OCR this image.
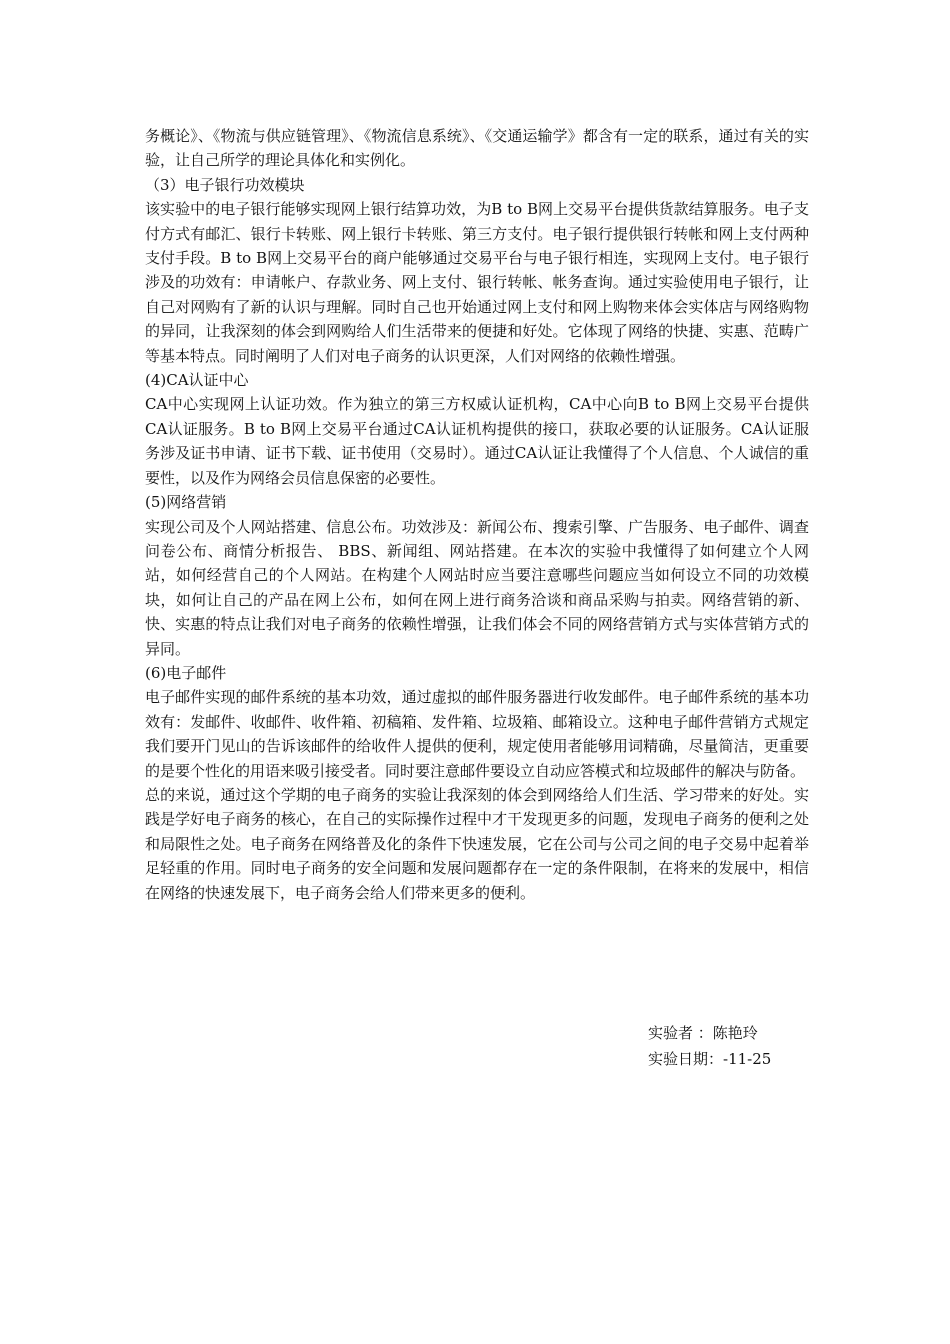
务概论》、《物流与供应链管理》、《物流信息系统》、《交通运输学》都含有一定的联系，通过有关的实验，让自己所学的理论具体化和实例化。

（3）电子银行功效模块

该实验中的电子银行能够实现网上银行结算功效，为B to B网上交易平台提供货款结算服务。电子支付方式有邮汇、银行卡转账、网上银行卡转账、第三方支付。电子银行提供银行转帐和网上支付两种支付手段。B to B网上交易平台的商户能够通过交易平台与电子银行相连，实现网上支付。电子银行涉及的功效有：申请帐户、存款业务、网上支付、银行转帐、帐务查询。通过实验使用电子银行，让自己对网购有了新的认识与理解。同时自己也开始通过网上支付和网上购物来体会实体店与网络购物的异同，让我深刻的体会到网购给人们生活带来的便捷和好处。它体现了网络的快捷、实惠、范畴广等基本特点。同时阐明了人们对电子商务的认识更深，人们对网络的依赖性增强。

(4)CA认证中心

CA中心实现网上认证功效。作为独立的第三方权威认证机构，CA中心向B to B网上交易平台提供CA认证服务。B to B网上交易平台通过CA认证机构提供的接口，获取必要的认证服务。CA认证服务涉及证书申请、证书下载、证书使用（交易时）。通过CA认证让我懂得了个人信息、个人诚信的重要性，以及作为网络会员信息保密的必要性。

(5)网络营销

实现公司及个人网站搭建、信息公布。功效涉及：新闻公布、搜索引擎、广告服务、电子邮件、调查问卷公布、商情分析报告、 BBS、新闻组、网站搭建。在本次的实验中我懂得了如何建立个人网站，如何经营自己的个人网站。在构建个人网站时应当要注意哪些问题应当如何设立不同的功效模块，如何让自己的产品在网上公布，如何在网上进行商务洽谈和商品采购与拍卖。网络营销的新、快、实惠的特点让我们对电子商务的依赖性增强，让我们体会不同的网络营销方式与实体营销方式的异同。

(6)电子邮件

电子邮件实现的邮件系统的基本功效，通过虚拟的邮件服务器进行收发邮件。电子邮件系统的基本功效有：发邮件、收邮件、收件箱、初稿箱、发件箱、垃圾箱、邮箱设立。这种电子邮件营销方式规定我们要开门见山的告诉该邮件的给收件人提供的便利，规定使用者能够用词精确，尽量简洁，更重要的是要个性化的用语来吸引接受者。同时要注意邮件要设立自动应答模式和垃圾邮件的解决与防备。

总的来说，通过这个学期的电子商务的实验让我深刻的体会到网络给人们生活、学习带来的好处。实践是学好电子商务的核心，在自己的实际操作过程中才干发现更多的问题，发现电子商务的便利之处和局限性之处。电子商务在网络普及化的条件下快速发展，它在公司与公司之间的电子交易中起着举足轻重的作用。同时电子商务的安全问题和发展问题都存在一定的条件限制，在将来的发展中，相信在网络的快速发展下，电子商务会给人们带来更多的便利。

实验者 ：陈艳玲

实验日期：-11-25
